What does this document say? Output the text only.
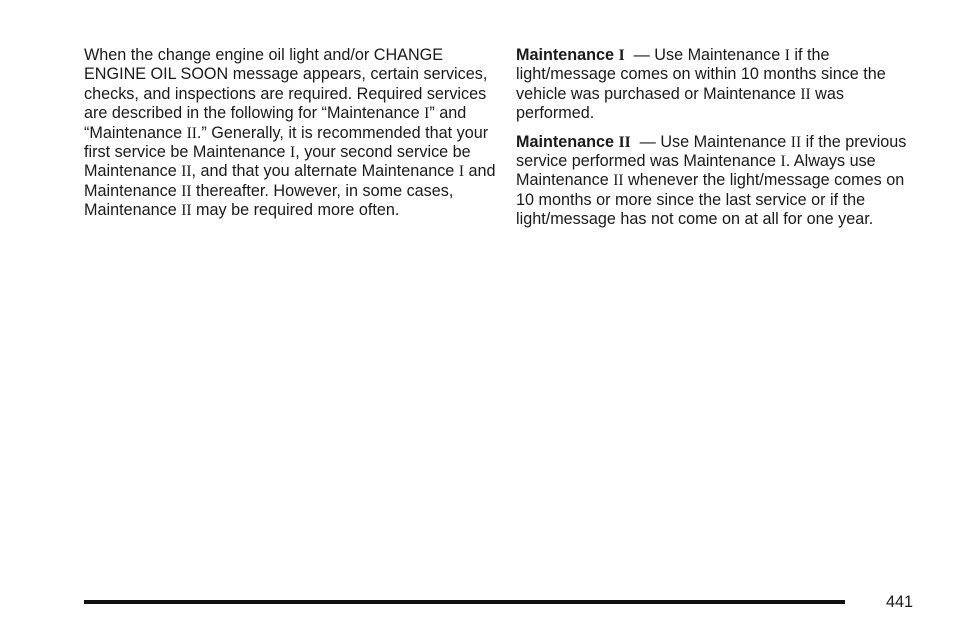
When the change engine oil light and/or CHANGE ENGINE OIL SOON message appears, certain services, checks, and inspections are required. Required services are described in the following for “Maintenance I” and “Maintenance II.” Generally, it is recommended that your first service be Maintenance I, your second service be Maintenance II, and that you alternate Maintenance I and Maintenance II thereafter. However, in some cases, Maintenance II may be required more often.

Maintenance I  — Use Maintenance I if the light/message comes on within 10 months since the vehicle was purchased or Maintenance II was performed.

Maintenance II  — Use Maintenance II if the previous service performed was Maintenance I. Always use Maintenance II whenever the light/message comes on 10 months or more since the last service or if the light/message has not come on at all for one year.

441
